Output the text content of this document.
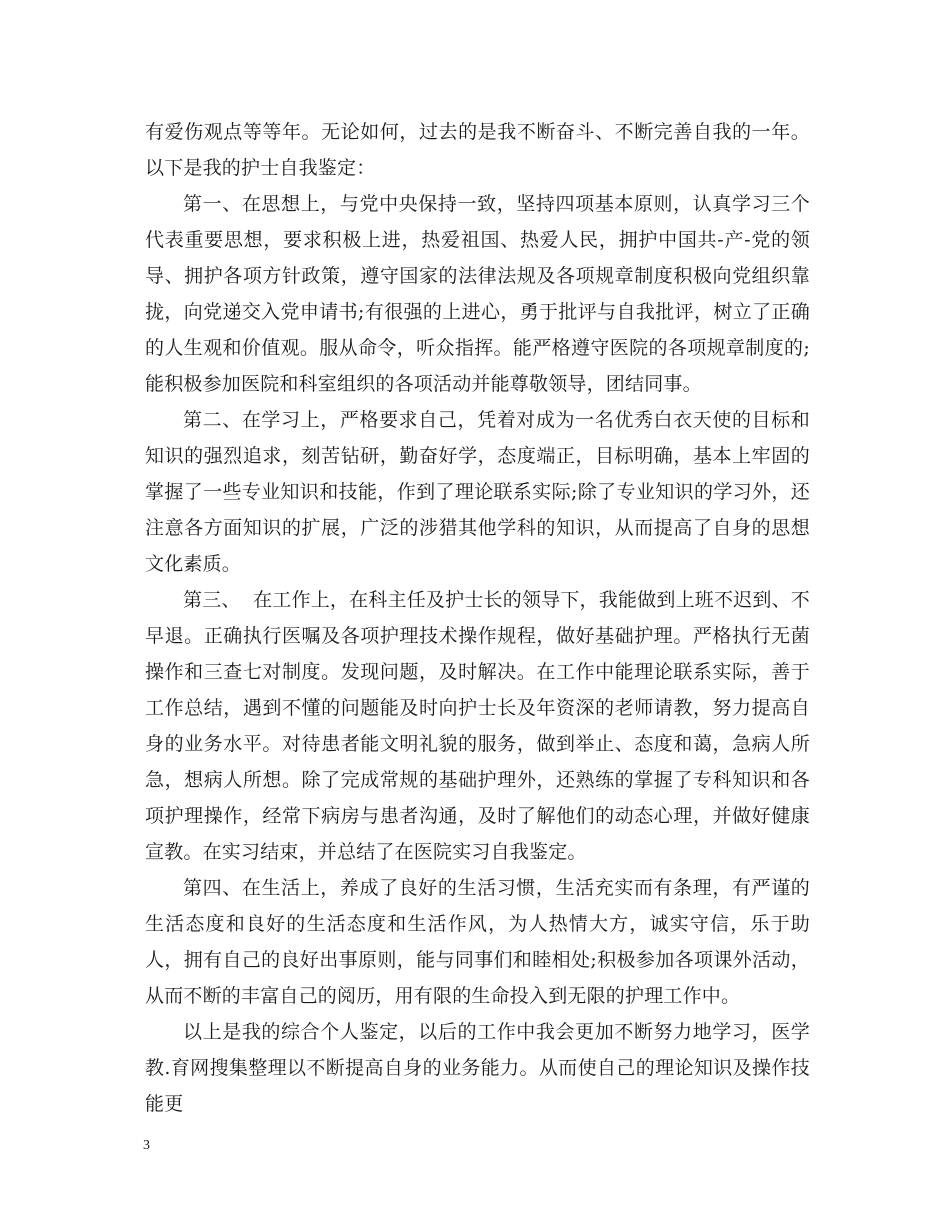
有爱伤观点等等年。无论如何，过去的是我不断奋斗、不断完善自我的一年。以下是我的护士自我鉴定：

第一、在思想上，与党中央保持一致，坚持四项基本原则，认真学习三个代表重要思想，要求积极上进，热爱祖国、热爱人民，拥护中国共-产-党的领导、拥护各项方针政策，遵守国家的法律法规及各项规章制度积极向党组织靠拢，向党递交入党申请书;有很强的上进心，勇于批评与自我批评，树立了正确的人生观和价值观。服从命令，听众指挥。能严格遵守医院的各项规章制度的;能积极参加医院和科室组织的各项活动并能尊敬领导，团结同事。

第二、在学习上，严格要求自己，凭着对成为一名优秀白衣天使的目标和知识的强烈追求，刻苦钻研，勤奋好学，态度端正，目标明确，基本上牢固的掌握了一些专业知识和技能，作到了理论联系实际;除了专业知识的学习外，还注意各方面知识的扩展，广泛的涉猎其他学科的知识，从而提高了自身的思想文化素质。

第三、  在工作上，在科主任及护士长的领导下，我能做到上班不迟到、不早退。正确执行医嘱及各项护理技术操作规程，做好基础护理。严格执行无菌操作和三查七对制度。发现问题，及时解决。在工作中能理论联系实际，善于工作总结，遇到不懂的问题能及时向护士长及年资深的老师请教，努力提高自身的业务水平。对待患者能文明礼貌的服务，做到举止、态度和蔼，急病人所急，想病人所想。除了完成常规的基础护理外，还熟练的掌握了专科知识和各项护理操作，经常下病房与患者沟通，及时了解他们的动态心理，并做好健康宣教。在实习结束，并总结了在医院实习自我鉴定。

第四、在生活上，养成了良好的生活习惯，生活充实而有条理，有严谨的生活态度和良好的生活态度和生活作风，为人热情大方，诚实守信，乐于助人，拥有自己的良好出事原则，能与同事们和睦相处;积极参加各项课外活动，从而不断的丰富自己的阅历，用有限的生命投入到无限的护理工作中。

以上是我的综合个人鉴定，以后的工作中我会更加不断努力地学习，医学教.育网搜集整理以不断提高自身的业务能力。从而使自己的理论知识及操作技能更

3
